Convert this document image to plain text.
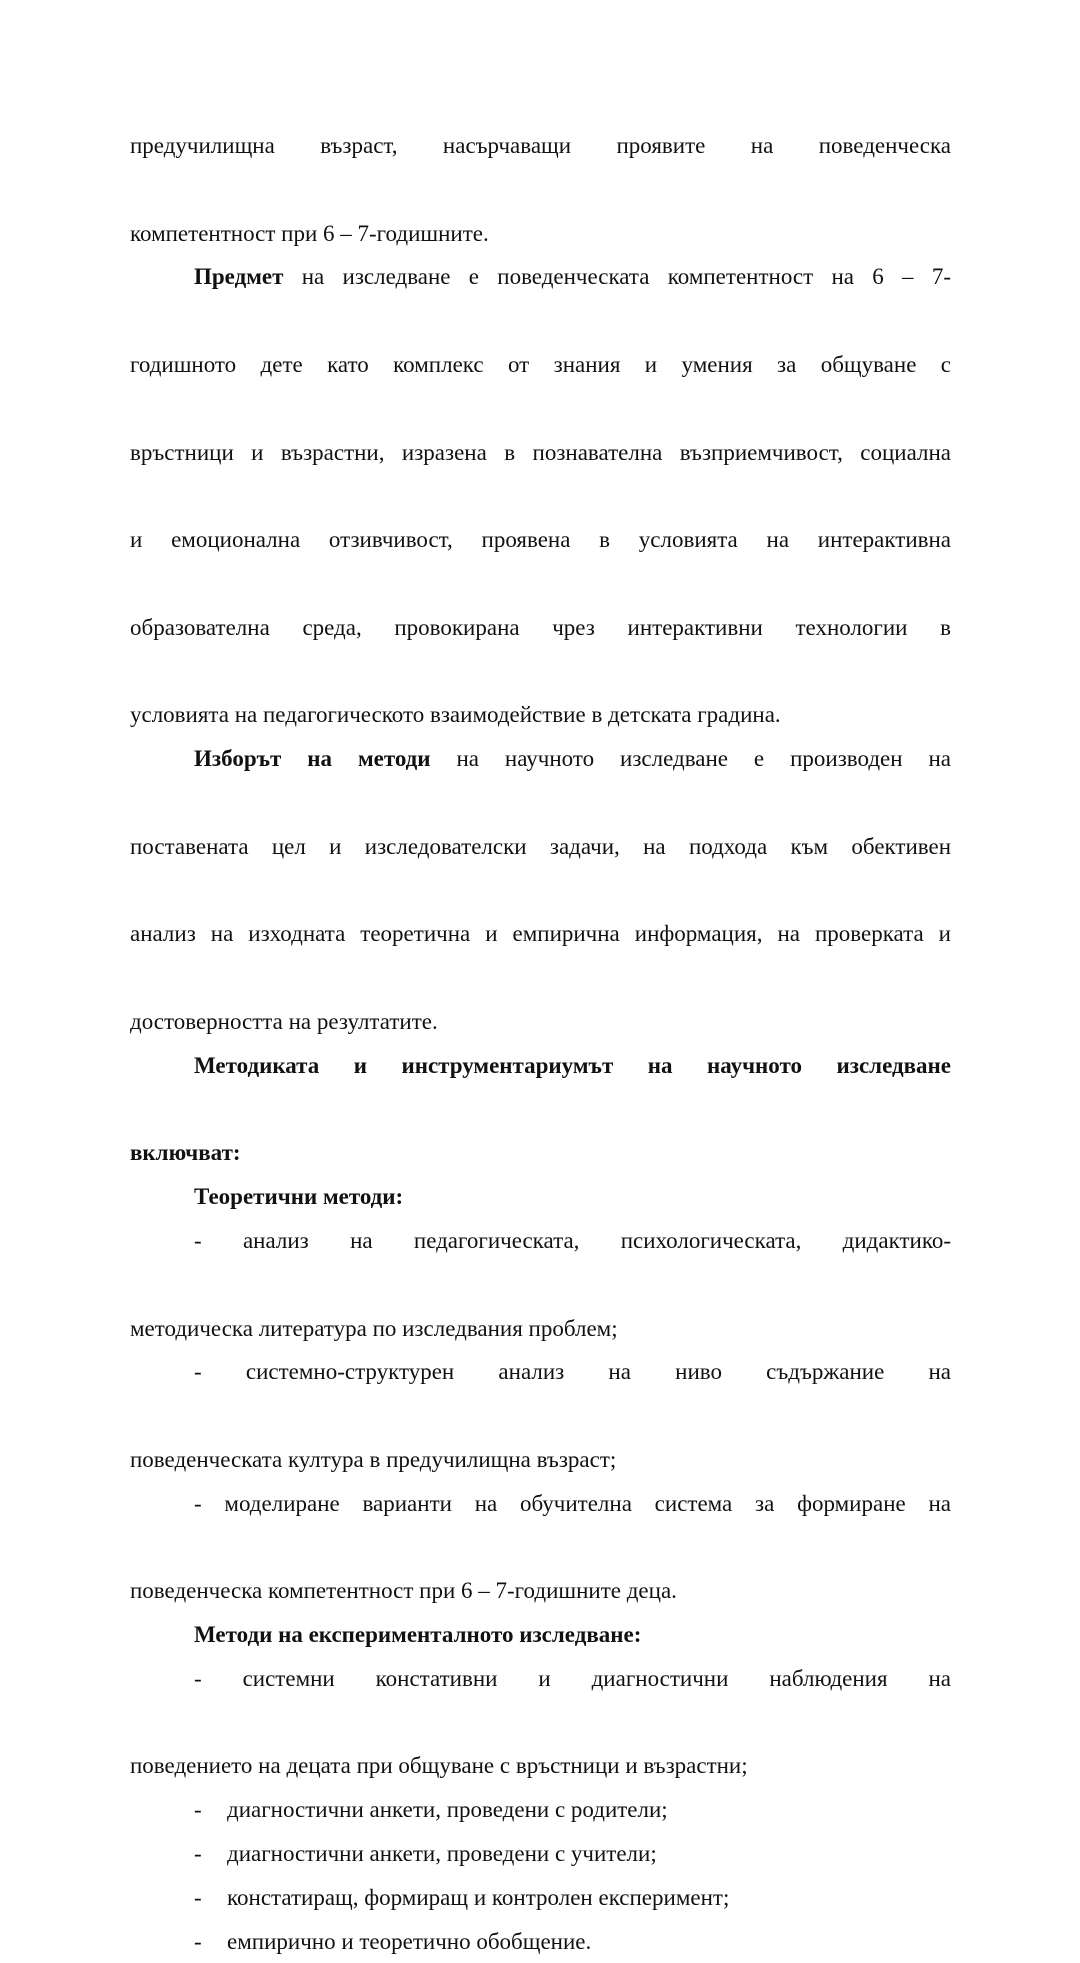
предучилищна възраст, насърчаващи проявите на поведенческа

компетентност при 6 – 7-годишните.

Предмет на изследване е поведенческата компетентност на 6 – 7-

годишното дете като комплекс от знания и умения за общуване с

връстници и възрастни, изразена в познавателна възприемчивост, социална

и емоционална отзивчивост, проявена в условията на интерактивна

образователна среда, провокирана чрез интерактивни технологии в

условията на педагогическото взаимодействие в детската градина.

Изборът на методи на научното изследване е производен на

поставената цел и изследователски задачи, на подхода към обективен

анализ на изходната теоретична и емпирична информация, на проверката и

достоверността на резултатите.

Методиката и инструментариумът на научното изследване

включват:

Теоретични методи:

- анализ на педагогическата, психологическата, дидактико-

методическа литература по изследвания проблем;

- системно-структурен анализ на ниво съдържание на

поведенческата култура в предучилищна възраст;

- моделиране варианти на обучителна система за формиране на

поведенческа компетентност при 6 – 7-годишните деца.

Методи на експерименталното изследване:

- системни констативни и диагностични наблюдения на

поведението на децата при общуване с връстници и възрастни;

- диагностични анкети, проведени с родители;

- диагностични анкети, проведени с учители;

- констатиращ, формиращ и контролен експеримент;

- емпирично и теоретично обобщение.
